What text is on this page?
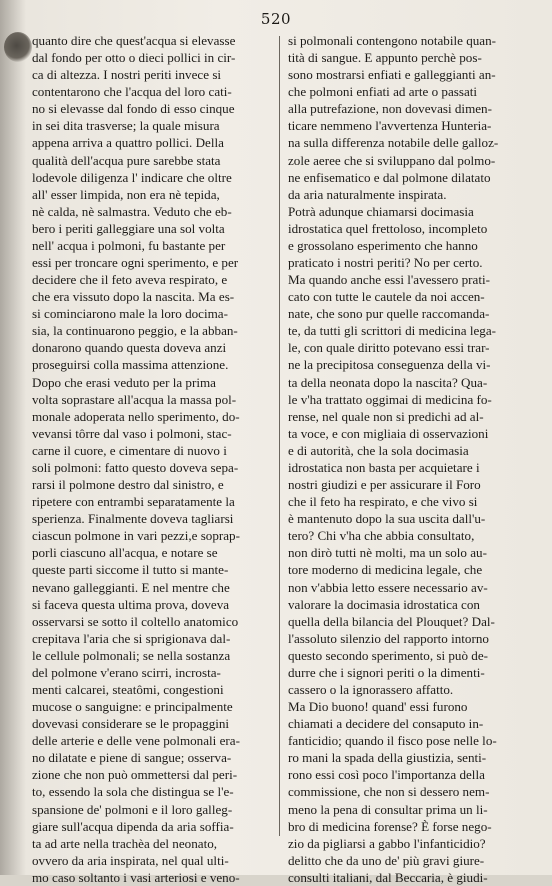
520
quanto dire che quest'acqua si elevasse
dal fondo per otto o dieci pollici in cir-
ca di altezza. I nostri periti invece si
contentarono che l'acqua del loro cati-
no si elevasse dal fondo di esso cinque
in sei dita trasverse; la quale misura
appena arriva a quattro pollici. Della
qualità dell'acqua pure sarebbe stata
lodevole diligenza l' indicare che oltre
all' esser limpida, non era nè tepida,
nè calda, nè salmastra. Veduto che eb-
bero i periti galleggiare una sol volta
nell' acqua i polmoni, fu bastante per
essi per troncare ogni sperimento, e per
decidere che il feto aveva respirato, e
che era vissuto dopo la nascita. Ma es-
si cominciarono male la loro docima-
sia, la continuarono peggio, e la abban-
donarono quando questa doveva anzi
proseguirsi colla massima attenzione.
Dopo che erasi veduto per la prima
volta soprastare all'acqua la massa pol-
monale adoperata nello sperimento, do-
vevansi tôrre dal vaso i polmoni, stac-
carne il cuore, e cimentare di nuovo i
soli polmoni: fatto questo doveva sepa-
rarsi il polmone destro dal sinistro, e
ripetere con entrambi separatamente la
sperienza. Finalmente doveva tagliarsi
ciascun polmone in vari pezzi,e soprap-
porli ciascuno all'acqua, e notare se
queste parti siccome il tutto si mante-
nevano galleggianti. E nel mentre che
si faceva questa ultima prova, doveva
osservarsi se sotto il coltello anatomico
crepitava l'aria che si sprigionava dal-
le cellule polmonali; se nella sostanza
del polmone v'erano scirri, incrosta-
menti calcarei, steatômi, congestioni
mucose o sanguigne: e principalmente
dovevasi considerare se le propaggini
delle arterie e delle vene polmonali era-
no dilatate e piene di sangue; osserva-
zione che non può ommettersi dal peri-
to, essendo la sola che distingua se l'e-
spansione de' polmoni e il loro galleg-
giare sull'acqua dipenda da aria soffia-
ta ad arte nella trachèa del neonato,
ovvero da aria inspirata, nel qual ulti-
mo caso soltanto i vasi arteriosi e veno-
si polmonali contengono notabile quan-
tità di sangue. E appunto perchè pos-
sono mostrarsi enfiati e galleggianti an-
che polmoni enfiati ad arte o passati
alla putrefazione, non dovevasi dimen-
ticare nemmeno l'avvertenza Hunteria-
na sulla differenza notabile delle galloz-
zole aeree che si sviluppano dal polmo-
ne enfisematico e dal polmone dilatato
da aria naturalmente inspirata.
Potrà adunque chiamarsi docimasia
idrostatica quel frettoloso, incompleto
e grossolano esperimento che hanno
praticato i nostri periti? No per certo.
Ma quando anche essi l'avessero prati-
cato con tutte le cautele da noi accen-
nate, che sono pur quelle raccomanda-
te, da tutti gli scrittori di medicina lega-
le, con quale diritto potevano essi trar-
ne la precipitosa conseguenza della vi-
ta della neonata dopo la nascita? Qua-
le v'ha trattato oggimai di medicina fo-
rense, nel quale non si predichi ad al-
ta voce, e con migliaia di osservazioni
e di autorità, che la sola docimasia
idrostatica non basta per acquietare i
nostri giudizi e per assicurare il Foro
che il feto ha respirato, e che vivo si
è mantenuto dopo la sua uscita dall'u-
tero? Chi v'ha che abbia consultato,
non dirò tutti nè molti, ma un solo au-
tore moderno di medicina legale, che
non v'abbia letto essere necessario av-
valorare la docimasia idrostatica con
quella della bilancia del Plouquet? Dal-
l'assoluto silenzio del rapporto intorno
questo secondo sperimento, si può de-
durre che i signori periti o la dimenti-
cassero o la ignorassero affatto.
Ma Dio buono! quand' essi furono
chiamati a decidere del consaputo in-
fanticidio; quando il fisco pose nelle lo-
ro mani la spada della giustizia, senti-
rono essi così poco l'importanza della
commissione, che non si dessero nem-
meno la pena di consultar prima un li-
bro di medicina forense? È forse nego-
zio da pigliarsi a gabbo l'infanticidio?
delitto che da uno de' più gravi giure-
consulti italiani, dal Beccaria, è giudi-
